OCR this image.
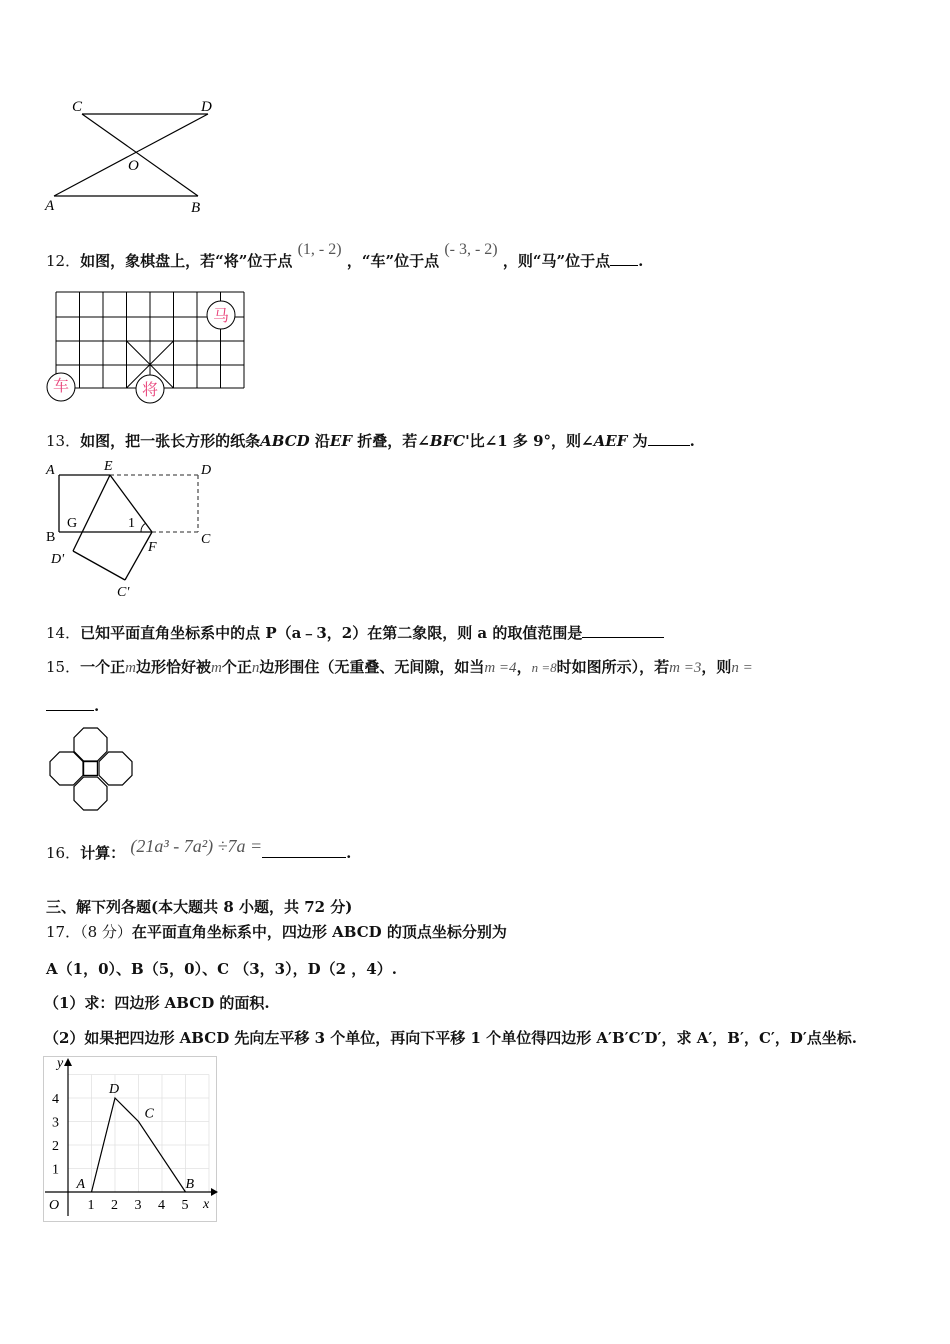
C	D
O
A	B
12．如图，象棋盘上，若“将”位于点 (1, - 2) ，“车”位于点 (- 3, - 2) ，则“马”位于点 .
马
车	将
13．如图，把一张长方形的纸条ABCD 沿EF 折叠，若∠BFC'比∠1 多 9°，则∠AEF 为	.
A	E	D
G	1
B
F
C
D'
C'
14．已知平面直角坐标系中的点 P（a﹣3，2）在第二象限，则 a 的取值范围是
15．一个正m边形恰好被m个正n边形围住（无重叠、无间隙，如当m =4，n =8时如图所示），若m =3，则n =
.
16．计算： (21a³ - 7a²) ÷7a =	.
三、解下列各题(本大题共 8 小题，共 72 分)
17．（8 分）在平面直角坐标系中，四边形 ABCD 的顶点坐标分别为
A（1，0）、B（5，0）、C （3，3），D（2 ，4）.
（1）求：四边形 ABCD 的面积.
（2）如果把四边形 ABCD 先向左平移 3 个单位，再向下平移 1 个单位得四边形 A′B′C′D′，求 A′，B′，C′，D′点坐标.
y
x
O 1 2 3 4 5
1
2
3
4
A	B
C
D
